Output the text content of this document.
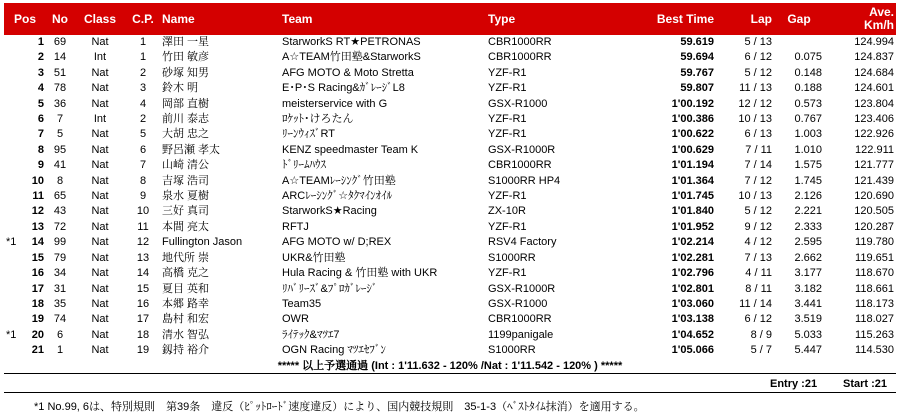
Pos	No	Class	C.P.	Name	Team	Type	Best Time	Lap	Gap	Ave.
Km/h

1	69	Nat	1	澤田 一星	StarworkS RT★PETRONAS	CBR1000RR	59.619	5 / 13		124.994

2	14	Int	1	竹田 敏彦	A☆TEAM竹田塾&StarworkS	CBR1000RR	59.694	6 / 12	0.075	124.837

3	51	Nat	2	砂塚 知男	AFG MOTO & Moto Stretta	YZF-R1	59.767	5 / 12	0.148	124.684

4	78	Nat	3	鈴木 明	E･P･S Racing&ｶﾞﾚｰｼﾞL8	YZF-R1	59.807	11 / 13	0.188	124.601

5	36	Nat	4	岡部 直樹	meisterservice with G	GSX-R1000	1'00.192	12 / 12	0.573	123.804

6	7	Int	2	前川 泰志	ﾛｹｯﾄ･けろたん	YZF-R1	1'00.386	10 / 13	0.767	123.406

7	5	Nat	5	大胡 忠之	ﾘｰﾝｳｨｽﾞRT	YZF-R1	1'00.622	6 / 13	1.003	122.926

8	95	Nat	6	野呂瀬 孝太	KENZ speedmaster Team K	GSX-R1000R	1'00.629	7 / 11	1.010	122.911

9	41	Nat	7	山崎 清公	ﾄﾞﾘｰﾑﾊｳｽ	CBR1000RR	1'01.194	7 / 14	1.575	121.777

10	8	Nat	8	吉塚 浩司	A☆TEAMﾚｰｼﾝｸﾞ竹田塾	S1000RR HP4	1'01.364	7 / 12	1.745	121.439

11	65	Nat	9	泉水 夏樹	ARCﾚｰｼﾝｸﾞ☆ﾀｸﾏｲﾝｵｲﾙ	YZF-R1	1'01.745	10 / 13	2.126	120.690

12	43	Nat	10	三好 真司	StarworkS★Racing	ZX-10R	1'01.840	5 / 12	2.221	120.505

13	72	Nat	11	本間 亮太	RFTJ	YZF-R1	1'01.952	9 / 12	2.333	120.287

*1 14	99	Nat	12	Fullington Jason	AFG MOTO w/ D;REX	RSV4 Factory	1'02.214	4 / 12	2.595	119.780

15	79	Nat	13	地代所 崇	UKR&竹田塾	S1000RR	1'02.281	7 / 13	2.662	119.651

16	34	Nat	14	高橋 克之	Hula Racing & 竹田塾 with UKR	YZF-R1	1'02.796	4 / 11	3.177	118.670

17	31	Nat	15	夏目 英和	ﾘﾊﾞﾘｰｽﾞ&ﾌﾟﾛｶﾞﾚｰｼﾞ	GSX-R1000R	1'02.801	8 / 11	3.182	118.661

18	35	Nat	16	本郷 路幸	Team35	GSX-R1000	1'03.060	11 / 14	3.441	118.173

19	74	Nat	17	島村 和宏	OWR	CBR1000RR	1'03.138	6 / 12	3.519	118.027

*1 20	6	Nat	18	清水 智弘	ﾗｲﾃｯｸ&ﾏﾂｴ7	1199panigale	1'04.652	8 / 9	5.033	115.263

21	1	Nat	19	釼持 裕介	OGN Racing ﾏﾂｴｾﾌﾞﾝ	S1000RR	1'05.066	5 / 7	5.447	114.530
***** 以上予選通過 (Int : 1'11.632 - 120% /Nat : 1'11.542 - 120% ) *****
Entry :21 Start :21
*1 No.99, 6は、特別規則　第39条　違反（ﾋﾟｯﾄﾛｰﾄﾞ速度違反）により、国内競技規則　35-1-3（ﾍﾞｽﾄﾀｲﾑ抹消）を適用する。
